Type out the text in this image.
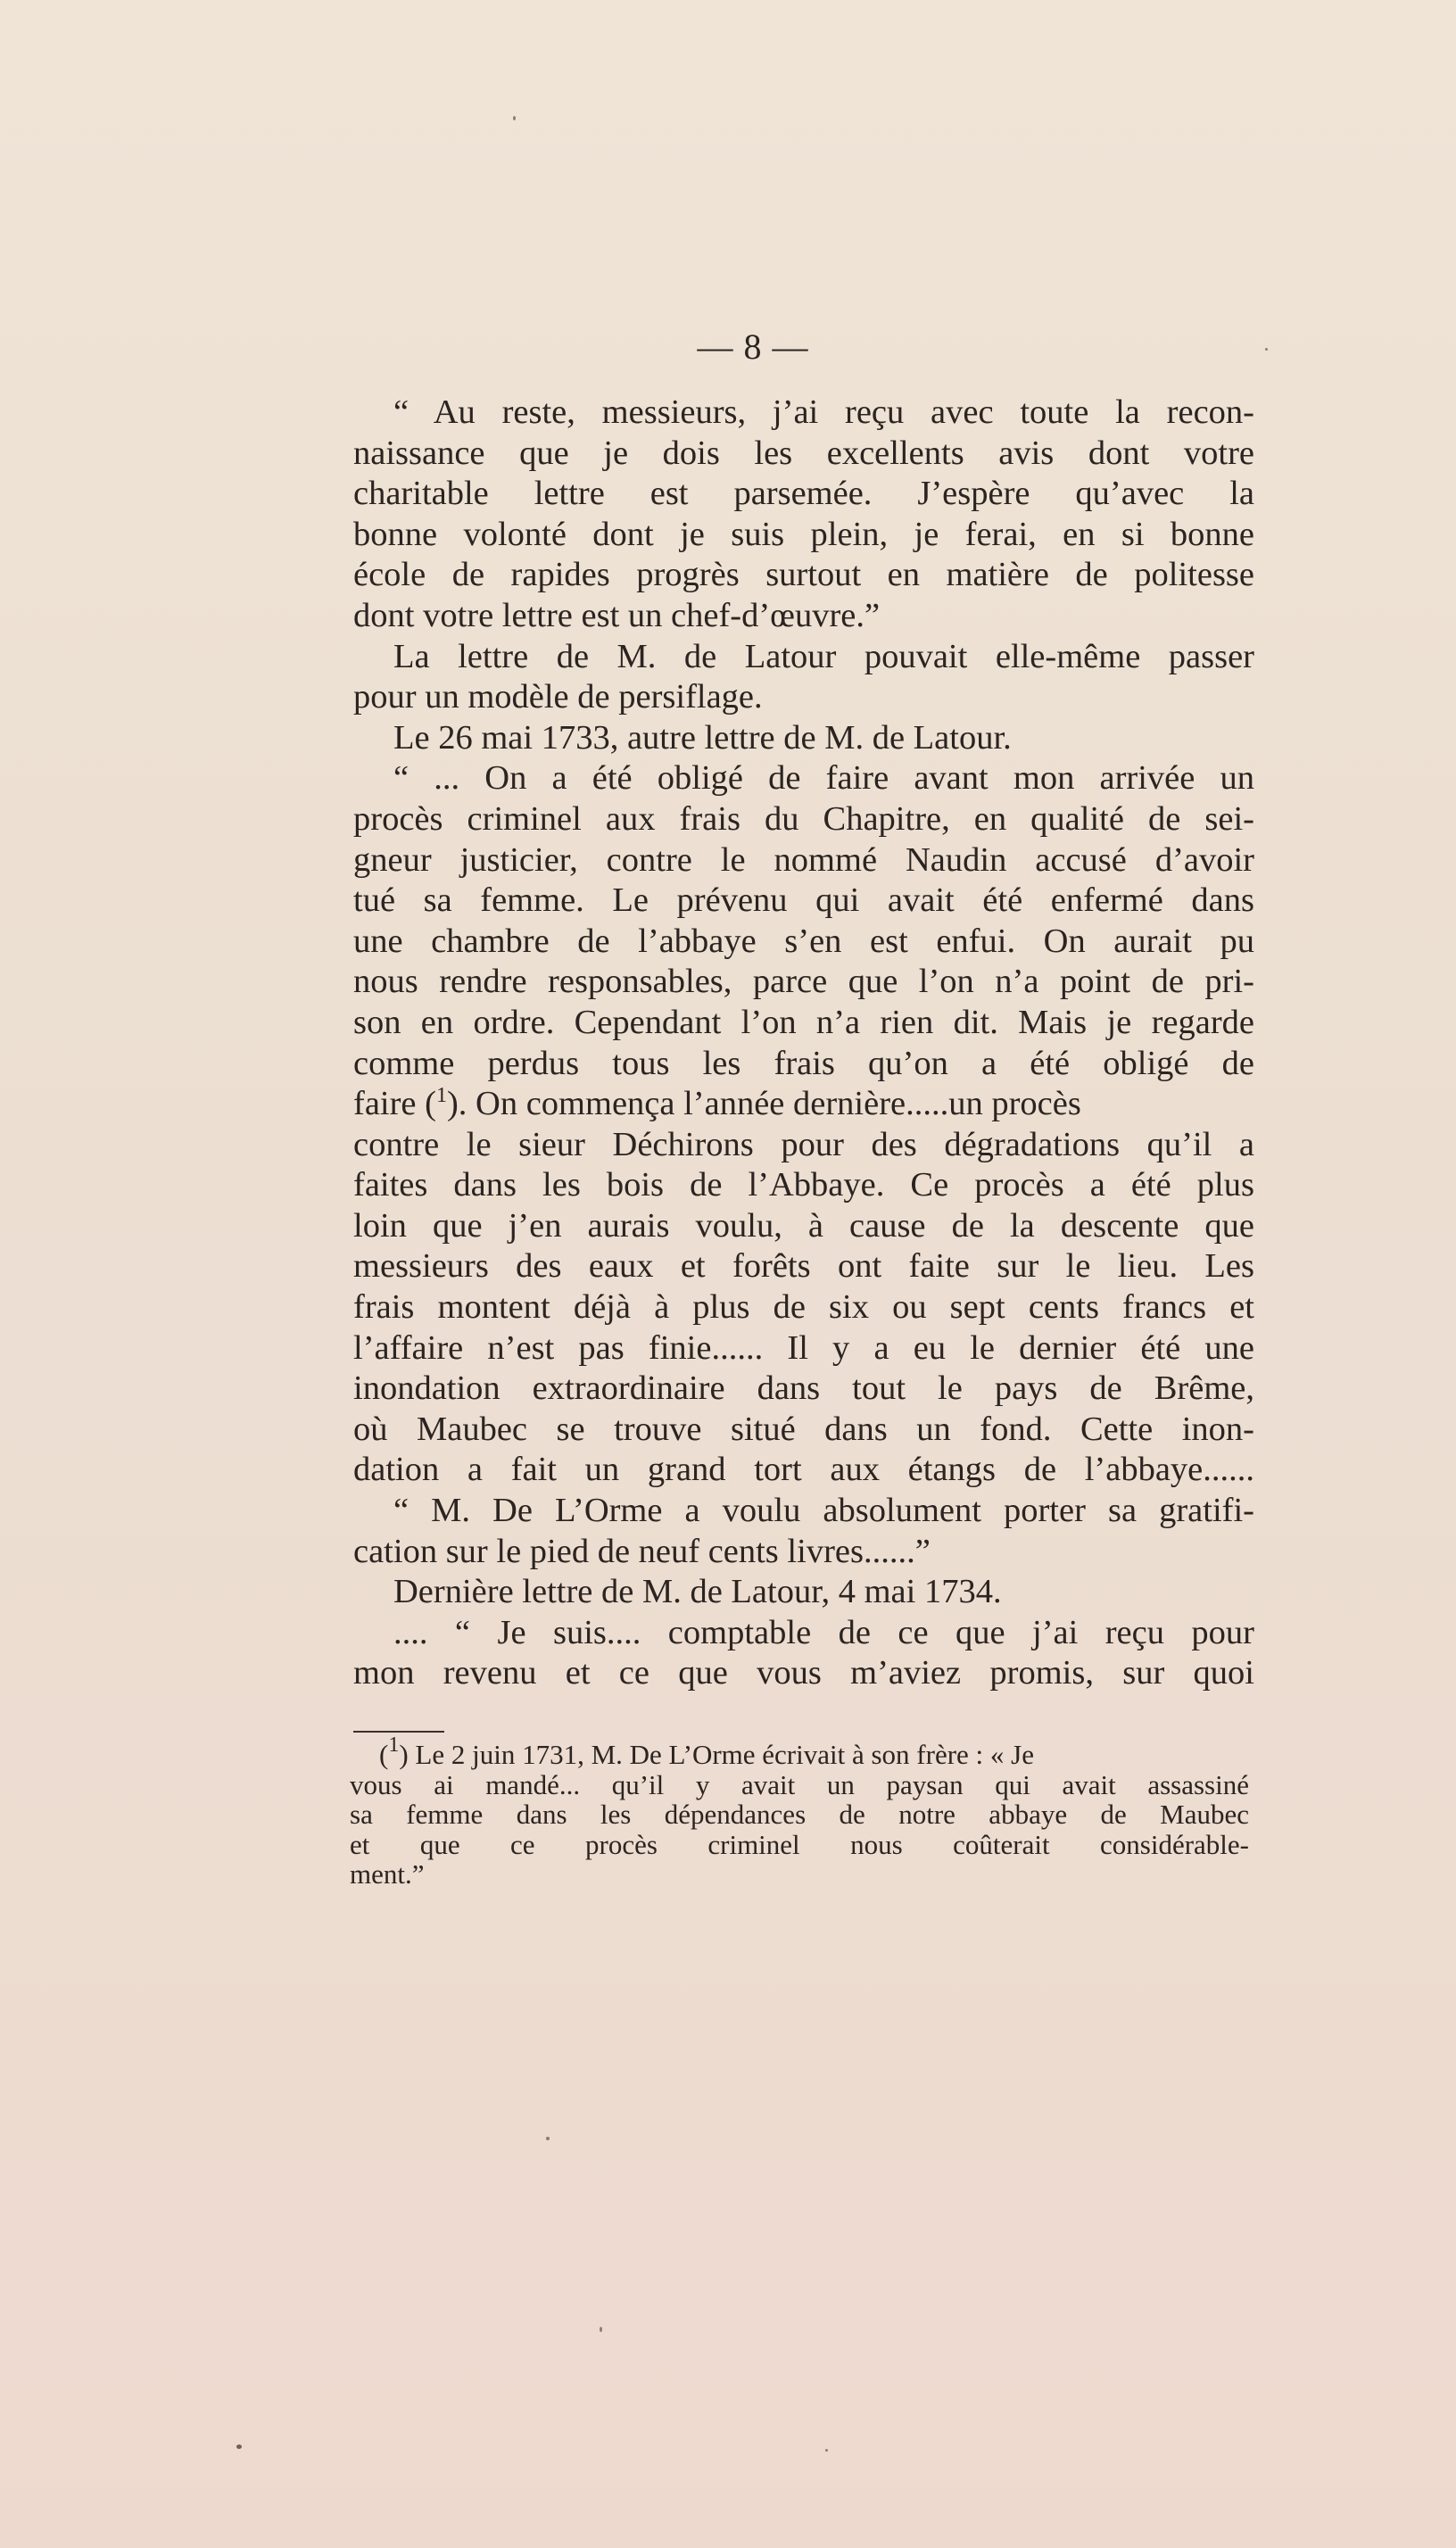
— 8 —
“ Au reste, messieurs, j’ai reçu avec toute la recon-
naissance que je dois les excellents avis dont votre
charitable lettre est parsemée. J’espère qu’avec la
bonne volonté dont je suis plein, je ferai, en si bonne
école de rapides progrès surtout en matière de politesse
dont votre lettre est un chef-d’œuvre.”
La lettre de M. de Latour pouvait elle-même passer
pour un modèle de persiflage.
Le 26 mai 1733, autre lettre de M. de Latour.
“ ... On a été obligé de faire avant mon arrivée un
procès criminel aux frais du Chapitre, en qualité de sei-
gneur justicier, contre le nommé Naudin accusé d’avoir
tué sa femme. Le prévenu qui avait été enfermé dans
une chambre de l’abbaye s’en est enfui. On aurait pu
nous rendre responsables, parce que l’on n’a point de pri-
son en ordre. Cependant l’on n’a rien dit. Mais je regarde
comme perdus tous les frais qu’on a été obligé de
faire ($^1$). On commença l’année dernière.....un procès
contre le sieur Déchirons pour des dégradations qu’il a
faites dans les bois de l’Abbaye. Ce procès a été plus
loin que j’en aurais voulu, à cause de la descente que
messieurs des eaux et forêts ont faite sur le lieu. Les
frais montent déjà à plus de six ou sept cents francs et
l’affaire n’est pas finie...... Il y a eu le dernier été une
inondation extraordinaire dans tout le pays de Brême,
où Maubec se trouve situé dans un fond. Cette inon-
dation a fait un grand tort aux étangs de l’abbaye......
“ M. De L’Orme a voulu absolument porter sa gratifi-
cation sur le pied de neuf cents livres......”
Dernière lettre de M. de Latour, 4 mai 1734.
.... “ Je suis.... comptable de ce que j’ai reçu pour
mon revenu et ce que vous m’aviez promis, sur quoi
($^1$) Le 2 juin 1731, M. De L’Orme écrivait à son frère : « Je
vous ai mandé... qu’il y avait un paysan qui avait assassiné
sa femme dans les dépendances de notre abbaye de Maubec
et que ce procès criminel nous coûterait considérable-
ment.”
